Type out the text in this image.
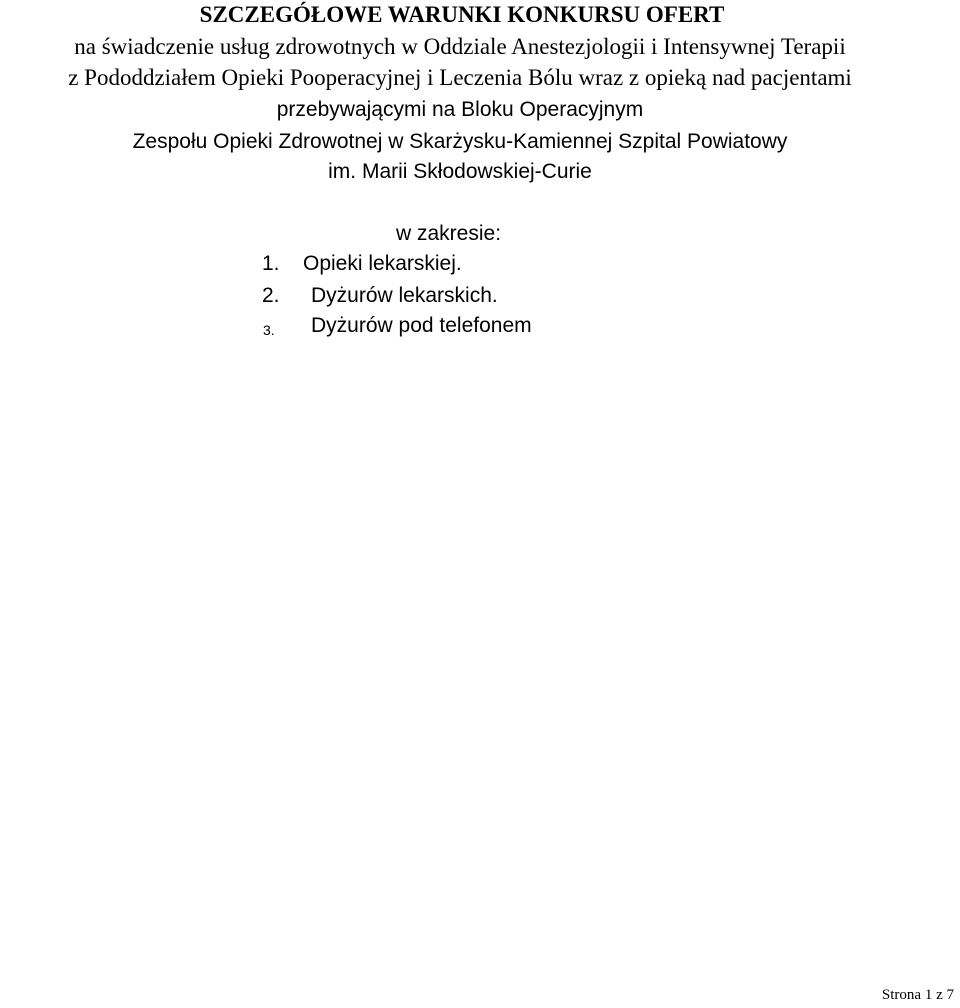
SZCZEGÓŁOWE WARUNKI KONKURSU OFERT
na świadczenie usług zdrowotnych w Oddziale Anestezjologii i Intensywnej Terapii
z Pododdziałem Opieki Pooperacyjnej i Leczenia Bólu wraz z opieką nad pacjentami
przebywającymi na Bloku Operacyjnym
Zespołu Opieki Zdrowotnej w Skarżysku-Kamiennej Szpital Powiatowy
im. Marii Skłodowskiej-Curie
w zakresie:
1. Opieki lekarskiej.
2. Dyżurów lekarskich.
3. Dyżurów pod telefonem
Strona 1 z 7
